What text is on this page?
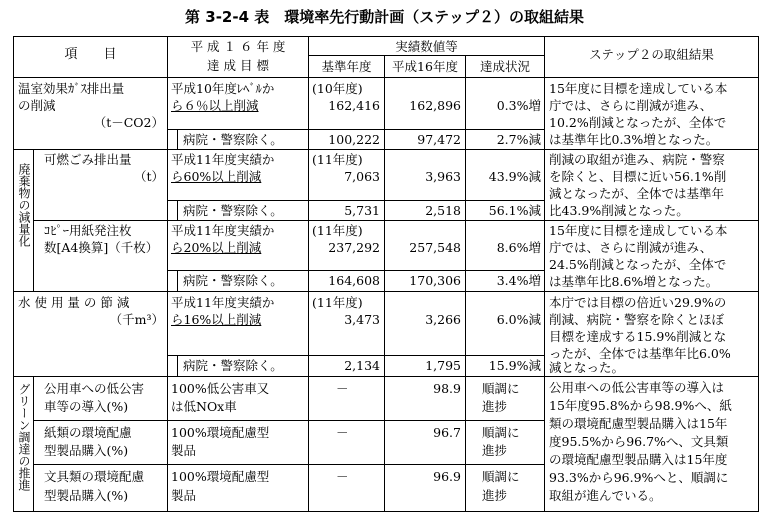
第 3-2-4 表　環境率先行動計画（ステップ２）の取組結果
項　　目
平 成 １ ６ 年 度
達 成 目 標
実績数値等
基準年度	平成16年度	達成状況
ステップ２の取組結果
温室効果ｶﾞｽ排出量
の削減
（t－CO2）
平成10年度ﾚﾍﾞﾙか
ら６％以上削減
(10年度)
162,416	162,896	0.3%増
病院・警察除く。	100,222	97,472	2.7%減
15年度に目標を達成している本
庁では、さらに削減が進み、
10.2%削減となったが、全体で
は基準年比0.3%増となった。
廃棄物の減量化
可燃ごみ排出量
（t）
平成11年度実績か
ら60%以上削減
(11年度)
7,063	3,963	43.9%減
病院・警察除く。	5,731	2,518	56.1%減
削減の取組が進み、病院・警察
を除くと、目標に近い56.1%削
減となったが、全体では基準年
比43.9%削減となった。
ｺﾋﾟｰ用紙発注枚
数[A4換算]（千枚）
平成11年度実績か
ら20%以上削減
(11年度)
237,292	257,548	8.6%増
病院・警察除く。	164,608	170,306	3.4%増
15年度に目標を達成している本
庁では、さらに削減が進み、
24.5%削減となったが、全体で
は基準年比8.6%増となった。
水 使 用 量 の 節 減
（千m³）
平成11年度実績か
ら16%以上削減
(11年度)
3,473	3,266	6.0%減
病院・警察除く。	2,134	1,795	15.9%減
本庁では目標の倍近い29.9%の
削減、病院・警察を除くとほぼ
目標を達成する15.9%削減とな
ったが、全体では基準年比6.0%
減となった。
グリーン調達の推進 公用車への低公害
車等の導入(%)
100%低公害車又
は低NOx車
－	98.9 順調に
進捗
紙類の環境配慮
型製品購入(%)
100%環境配慮型
製品
－	96.7 順調に
進捗
文具類の環境配慮
型製品購入(%)
100%環境配慮型
製品
－	96.9 順調に
進捗
公用車への低公害車等の導入は
15年度95.8%から98.9%へ、紙
類の環境配慮型製品購入は15年
度95.5%から96.7%へ、文具類
の環境配慮型製品購入は15年度
93.3%から96.9%へと、順調に
取組が進んでいる。
